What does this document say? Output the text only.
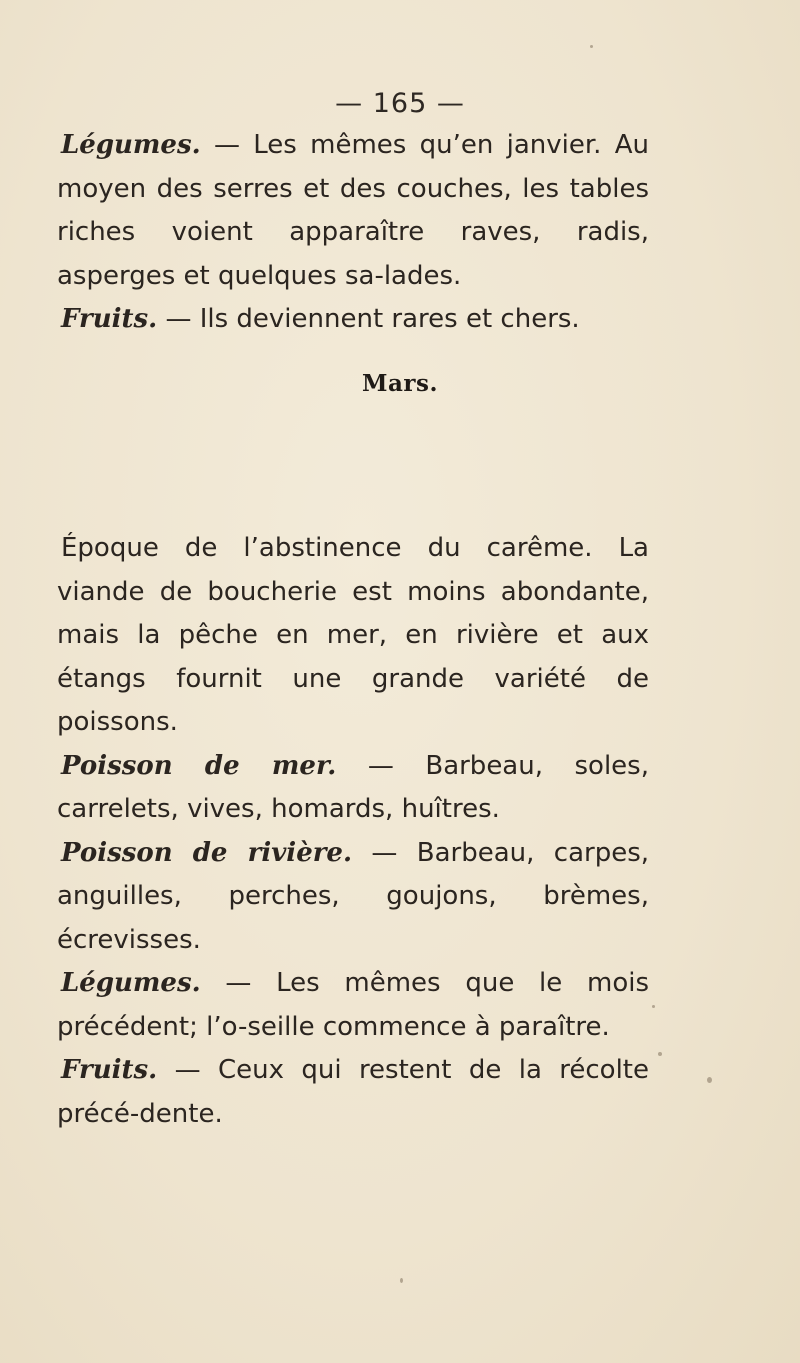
— 165 —

Légumes. — Les mêmes qu’en janvier. Au moyen des serres et des couches, les tables riches voient apparaître raves, radis, asperges et quelques sa-lades.

Fruits. — Ils deviennent rares et chers.

Mars.

Époque de l’abstinence du carême. La viande de boucherie est moins abondante, mais la pêche en mer, en rivière et aux étangs fournit une grande variété de poissons.

Poisson de mer. — Barbeau, soles, carrelets, vives, homards, huîtres.

Poisson de rivière. — Barbeau, carpes, anguilles, perches, goujons, brèmes, écrevisses.

Légumes. — Les mêmes que le mois précédent; l’o-seille commence à paraître.

Fruits. — Ceux qui restent de la récolte précé-dente.
